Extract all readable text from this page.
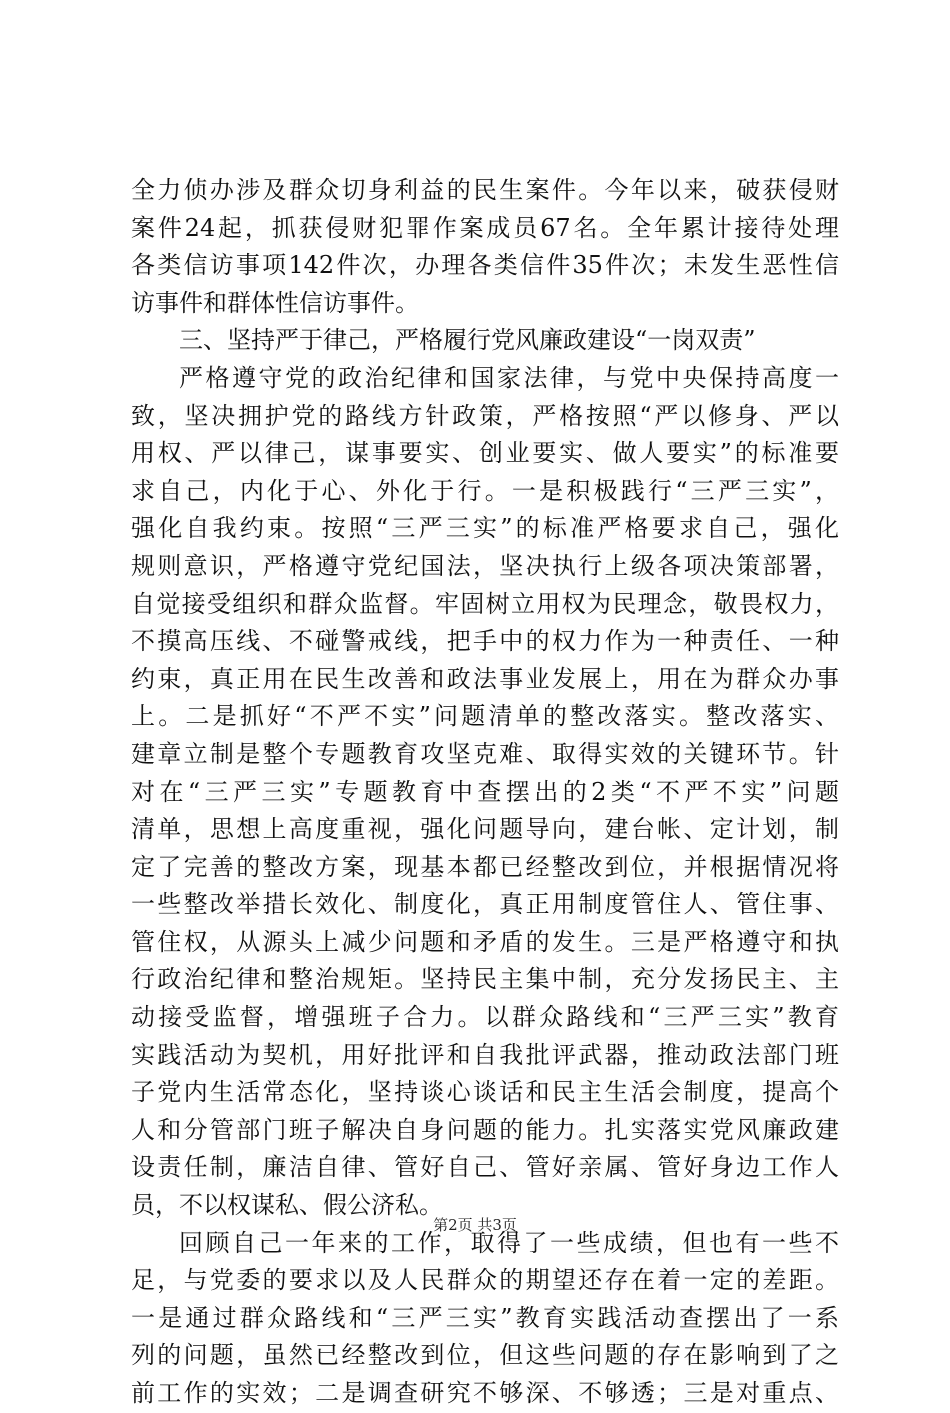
全力侦办涉及群众切身利益的民生案件。今年以来，破获侵财
案件24起，抓获侵财犯罪作案成员67名。全年累计接待处理
各类信访事项142件次，办理各类信件35件次；未发生恶性信
访事件和群体性信访事件。
三、坚持严于律己，严格履行党风廉政建设“一岗双责”
严格遵守党的政治纪律和国家法律，与党中央保持高度一
致，坚决拥护党的路线方针政策，严格按照“严以修身、严以
用权、严以律己，谋事要实、创业要实、做人要实”的标准要
求自己，内化于心、外化于行。一是积极践行“三严三实”，
强化自我约束。按照“三严三实”的标准严格要求自己，强化
规则意识，严格遵守党纪国法，坚决执行上级各项决策部署，
自觉接受组织和群众监督。牢固树立用权为民理念，敬畏权力，
不摸高压线、不碰警戒线，把手中的权力作为一种责任、一种
约束，真正用在民生改善和政法事业发展上，用在为群众办事
上。二是抓好“不严不实”问题清单的整改落实。整改落实、
建章立制是整个专题教育攻坚克难、取得实效的关键环节。针
对在“三严三实”专题教育中查摆出的2类“不严不实”问题
清单，思想上高度重视，强化问题导向，建台帐、定计划，制
定了完善的整改方案，现基本都已经整改到位，并根据情况将
一些整改举措长效化、制度化，真正用制度管住人、管住事、
管住权，从源头上减少问题和矛盾的发生。三是严格遵守和执
行政治纪律和整治规矩。坚持民主集中制，充分发扬民主、主
动接受监督，增强班子合力。以群众路线和“三严三实”教育
实践活动为契机，用好批评和自我批评武器，推动政法部门班
子党内生活常态化，坚持谈心谈话和民主生活会制度，提高个
人和分管部门班子解决自身问题的能力。扎实落实党风廉政建
设责任制，廉洁自律、管好自己、管好亲属、管好身边工作人
员，不以权谋私、假公济私。
回顾自己一年来的工作，取得了一些成绩，但也有一些不
足，与党委的要求以及人民群众的期望还存在着一定的差距。
一是通过群众路线和“三严三实”教育实践活动查摆出了一系
列的问题，虽然已经整改到位，但这些问题的存在影响到了之
前工作的实效；二是调查研究不够深、不够透；三是对重点、
第2页 共3页
